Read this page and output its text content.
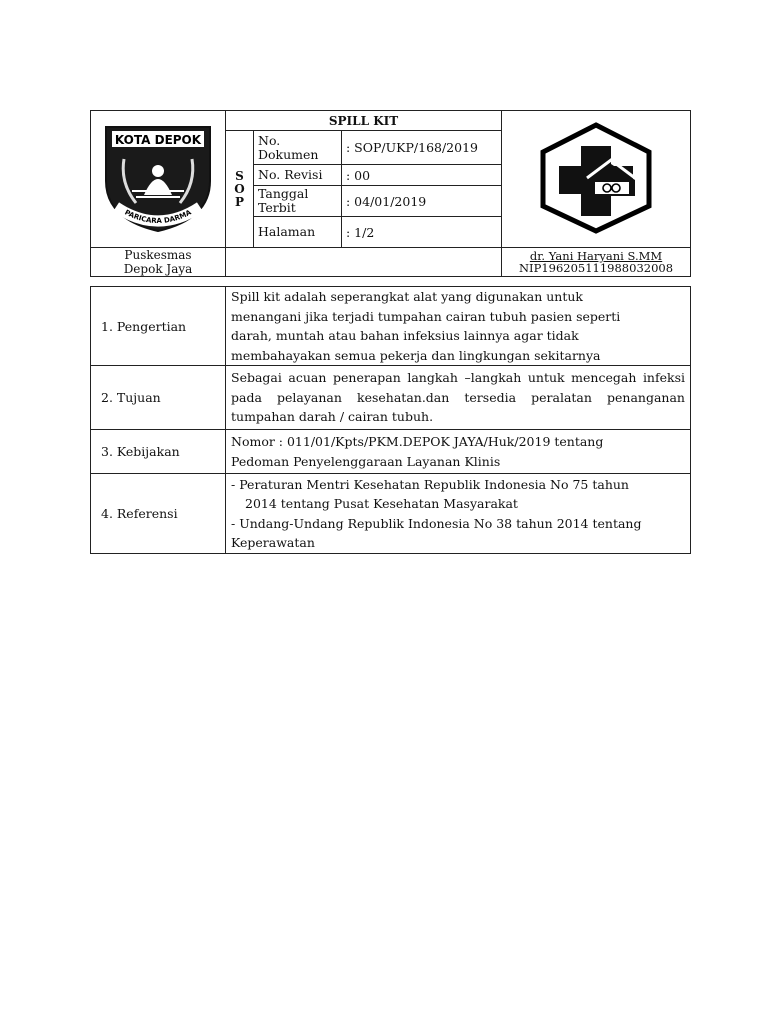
KOTA DEPOK
PARICARA DARMA	SPILL KIT	
	S
O
P	No. Dokumen	: SOP/UKP/168/2019	
		No. Revisi	: 00	
		Tanggal Terbit	: 04/01/2019	
		Halaman	: 1/2	
Puskesmas
Depok Jaya				dr. Yani Haryani S.MM
NIP196205111988032008
1. Pengertian	Spill kit adalah seperangkat alat yang digunakan untuk

menangani jika terjadi tumpahan cairan tubuh pasien seperti

darah, muntah atau bahan infeksius lainnya agar tidak

membahayakan semua pekerja dan lingkungan sekitarnya

2. Tujuan	Sebagai acuan penerapan langkah –langkah untuk mencegah infeksi pada pelayanan kesehatan.dan tersedia peralatan penanganan tumpahan darah / cairan tubuh.

3. Kebijakan	Nomor : 011/01/Kpts/PKM.DEPOK JAYA/Huk/2019 tentang

Pedoman Penyelenggaraan Layanan Klinis

4. Referensi	- Peraturan Mentri Kesehatan Republik Indonesia No 75 tahun

2014 tentang Pusat Kesehatan Masyarakat

- Undang-Undang Republik Indonesia No 38 tahun 2014 tentang

Keperawatan
